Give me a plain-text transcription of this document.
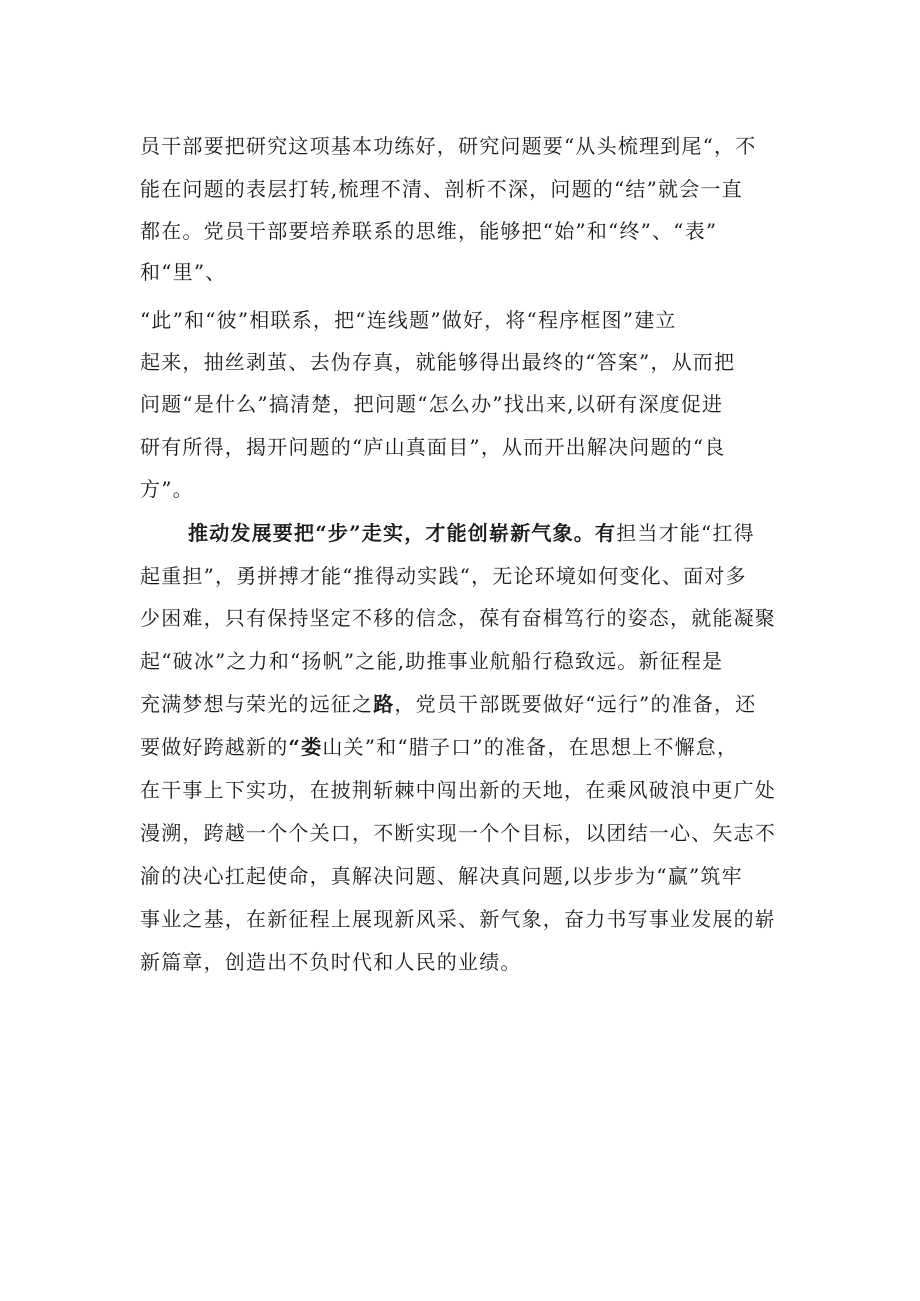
员干部要把研究这项基本功练好，研究问题要“从头梳理到尾“，不
能在问题的表层打转,梳理不清、剖析不深，问题的“结”就会一直
都在。党员干部要培养联系的思维，能够把“始”和“终”、“表”
和“里”、
“此”和“彼”相联系，把“连线题”做好，将“程序框图”建立
起来，抽丝剥茧、去伪存真，就能够得出最终的“答案”，从而把
问题“是什么”搞清楚，把问题“怎么办”找出来,以研有深度促进
研有所得，揭开问题的“庐山真面目”，从而开出解决问题的“良
方”。
推动发展要把“步”走实，才能创崭新气象。有担当才能“扛得
起重担”，勇拼搏才能“推得动实践“，无论环境如何变化、面对多
少困难，只有保持坚定不移的信念，葆有奋楫笃行的姿态，就能凝聚
起“破冰”之力和“扬帆”之能,助推事业航船行稳致远。新征程是
充满梦想与荣光的远征之路，党员干部既要做好“远行”的准备，还
要做好跨越新的“娄山关”和“腊子口”的准备，在思想上不懈怠，
在干事上下实功，在披荆斩棘中闯出新的天地，在乘风破浪中更广处
漫溯，跨越一个个关口，不断实现一个个目标，以团结一心、矢志不
渝的决心扛起使命，真解决问题、解决真问题,以步步为“赢”筑牢
事业之基，在新征程上展现新风采、新气象，奋力书写事业发展的崭
新篇章，创造出不负时代和人民的业绩。
